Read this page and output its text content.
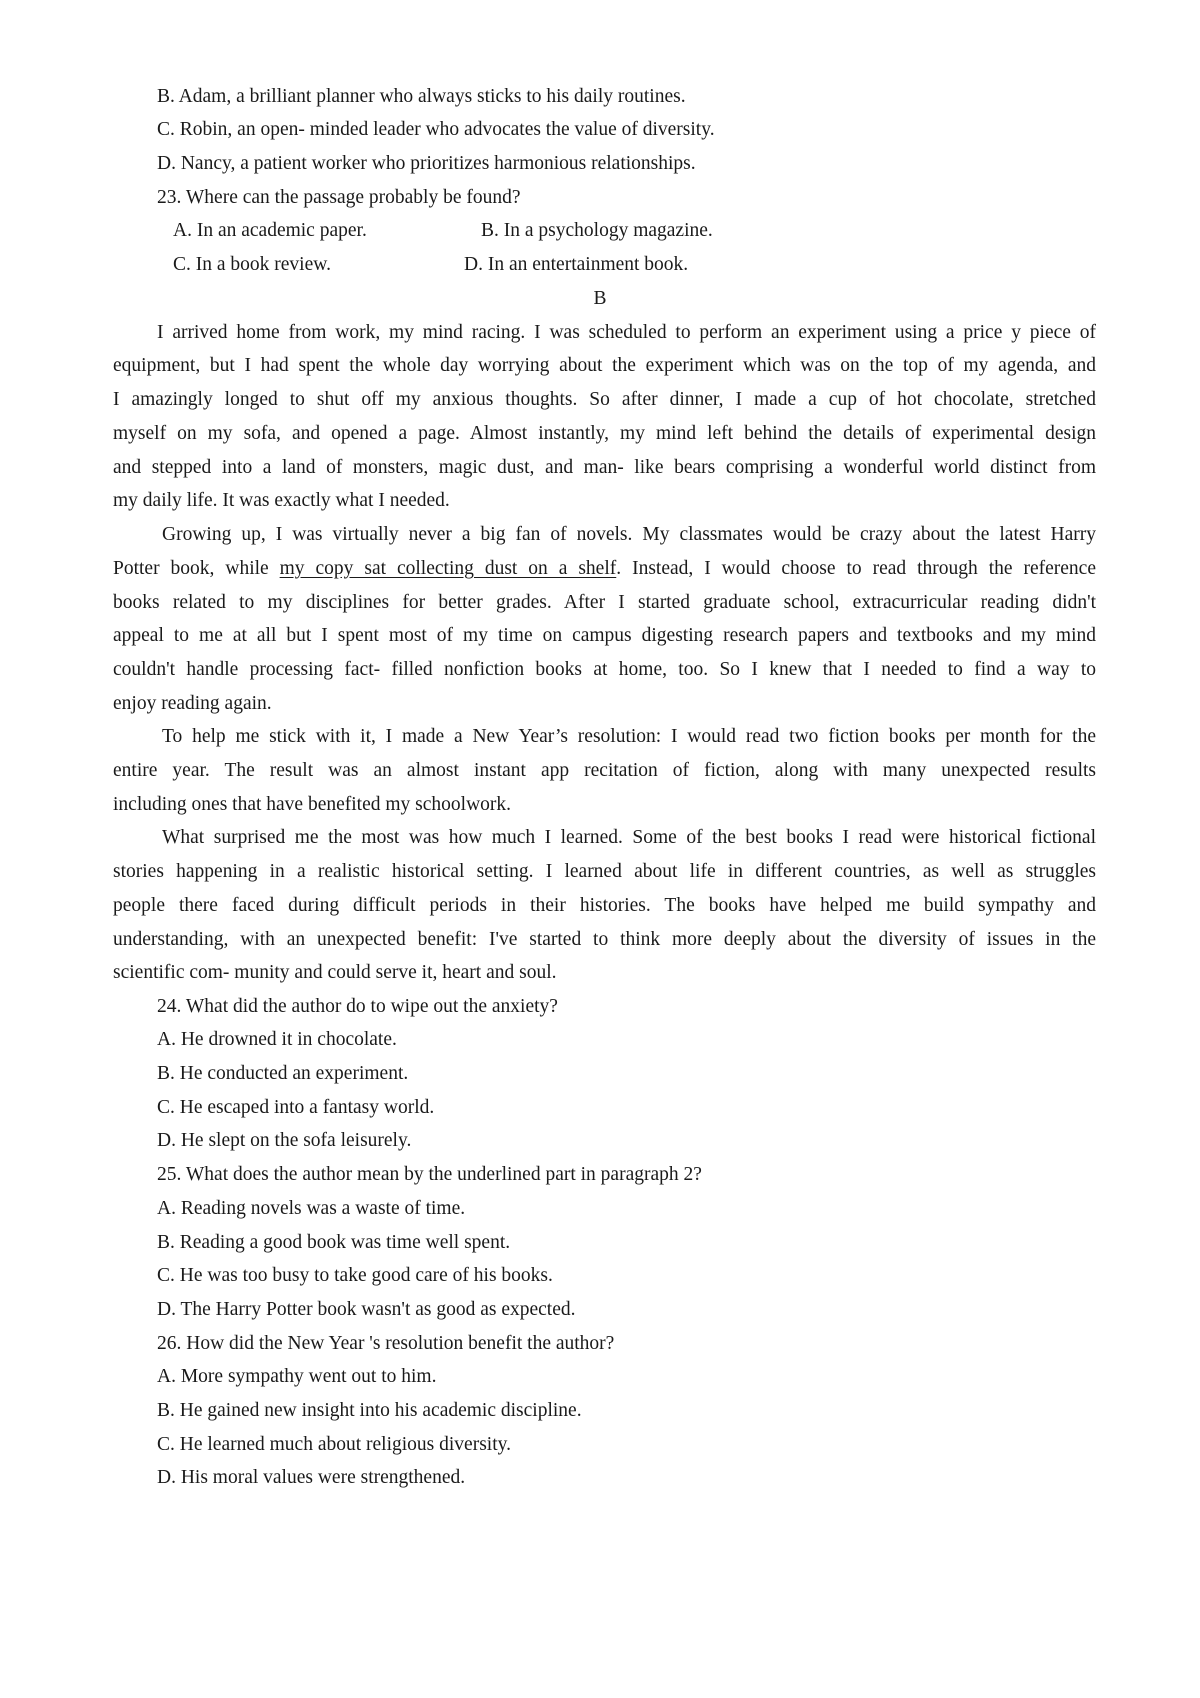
B. Adam, a brilliant planner who always sticks to his daily routines.
C. Robin, an open- minded leader who advocates the value of diversity.
D. Nancy, a patient worker who prioritizes harmonious relationships.
23. Where can the passage probably be found?
A. In an academic paper.	B. In a psychology magazine.
C. In a book review.	D. In an entertainment book.
B
I arrived home from work, my mind racing. I was scheduled to perform an experiment using a price y piece of
equipment, but I had spent the whole day worrying about the experiment which was on the top of my agenda, and
I amazingly longed to shut off my anxious thoughts. So after dinner, I made a cup of hot chocolate, stretched
myself on my sofa, and opened a page. Almost instantly, my mind left behind the details of experimental design
and stepped into a land of monsters, magic dust, and man- like bears comprising a wonderful world distinct from
my daily life. It was exactly what I needed.
Growing up, I was virtually never a big fan of novels. My classmates would be crazy about the latest Harry
Potter book, while my copy sat collecting dust on a shelf. Instead, I would choose to read through the reference
books related to my disciplines for better grades. After I started graduate school, extracurricular reading didn't
appeal to me at all but I spent most of my time on campus digesting research papers and textbooks and my mind
couldn't handle processing fact- filled nonfiction books at home, too. So I knew that I needed to find a way to
enjoy reading again.
To help me stick with it, I made a New Year’s resolution: I would read two fiction books per month for the
entire year. The result was an almost instant app recitation of fiction, along with many unexpected results
including ones that have benefited my schoolwork.
What surprised me the most was how much I learned. Some of the best books I read were historical fictional
stories happening in a realistic historical setting. I learned about life in different countries, as well as struggles
people there faced during difficult periods in their histories. The books have helped me build sympathy and
understanding, with an unexpected benefit: I've started to think more deeply about the diversity of issues in the
scientific com- munity and could serve it, heart and soul.
24. What did the author do to wipe out the anxiety?
A. He drowned it in chocolate.
B. He conducted an experiment.
C. He escaped into a fantasy world.
D. He slept on the sofa leisurely.
25. What does the author mean by the underlined part in paragraph 2?
A. Reading novels was a waste of time.
B. Reading a good book was time well spent.
C. He was too busy to take good care of his books.
D. The Harry Potter book wasn't as good as expected.
26. How did the New Year 's resolution benefit the author?
A. More sympathy went out to him.
B. He gained new insight into his academic discipline.
C. He learned much about religious diversity.
D. His moral values were strengthened.
